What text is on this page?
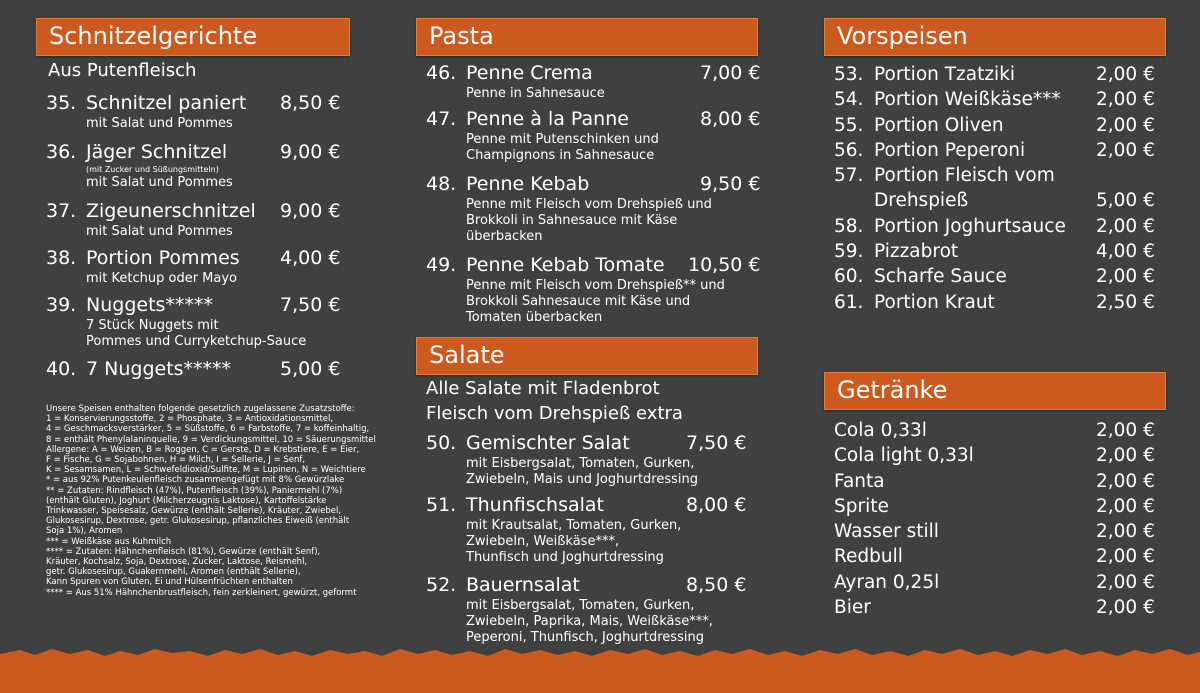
Schnitzelgerichte
Aus Putenfleisch
35. Schnitzel paniert 8,50 €
mit Salat und Pommes
36. Jäger Schnitzel	9,00 €
(mit Zucker und Süßungsmitteln)
mit Salat und Pommes
37. Zigeunerschnitzel 9,00 €
mit Salat und Pommes
38. Portion Pommes 4,00 €
mit Ketchup oder Mayo
39. Nuggets*****	7,50 €
7 Stück Nuggets mit
Pommes und Curryketchup-Sauce
40. 7 Nuggets*****	5,00 €
Unsere Speisen enthalten folgende gesetzlich zugelassene Zusatzstoffe:
1 = Konservierungsstoffe, 2 = Phosphate, 3 = Antioxidationsmittel,
4 = Geschmacksverstärker, 5 = Süßstoffe, 6 = Farbstoffe, 7 = koffeinhaltig,
8 = enthält Phenylalaninquelle, 9 = Verdickungsmittel, 10 = Säuerungsmittel
Allergene: A = Weizen, B = Roggen, C = Gerste, D = Krebstiere, E = Eier,
F = Fische, G = Sojabohnen, H = Milch, I = Sellerie, J = Senf,
K = Sesamsamen, L = Schwefeldioxid/Sulfite, M = Lupinen, N = Weichtiere
* = aus 92% Putenkeulenfleisch zusammengefügt mit 8% Gewürzlake
** = Zutaten: Rindfleisch (47%), Putenfleisch (39%), Paniermehl (7%)
(enthält Gluten), Joghurt (Milcherzeugnis Laktose), Kartoffelstärke
Trinkwasser, Speisesalz, Gewürze (enthält Sellerie), Kräuter, Zwiebel,
Glukosesirup, Dextrose, getr. Glukosesirup, pflanzliches Eiweiß (enthält
Soja 1%), Aromen
*** = Weißkäse aus Kuhmilch
**** = Zutaten: Hähnchenfleisch (81%), Gewürze (enthält Senf),
Kräuter, Kochsalz, Soja, Dextrose, Zucker, Laktose, Reismehl,
getr. Glukosesirup, Guakernmehl, Aromen (enthält Sellerie),
Kann Spuren von Gluten, Ei und Hülsenfrüchten enthalten
**** = Aus 51% Hähnchenbrustfleisch, fein zerkleinert, gewürzt, geformt
Pasta
46. Penne Crema	7,00 €
Penne in Sahnesauce
47. Penne à la Panne	8,00 €
Penne mit Putenschinken und
Champignons in Sahnesauce
48. Penne Kebab	9,50 €
Penne mit Fleisch vom Drehspieß und
Brokkoli in Sahnesauce mit Käse
überbacken
49. Penne Kebab Tomate 10,50 €
Penne mit Fleisch vom Drehspieß** und
Brokkoli Sahnesauce mit Käse und
Tomaten überbacken
Salate
Alle Salate mit Fladenbrot
Fleisch vom Drehspieß extra
50. Gemischter Salat	7,50 €
mit Eisbergsalat, Tomaten, Gurken,
Zwiebeln, Mais und Joghurtdressing
51. Thunfischsalat	8,00 €
mit Krautsalat, Tomaten, Gurken,
Zwiebeln, Weißkäse***,
Thunfisch und Joghurtdressing
52. Bauernsalat	8,50 €
mit Eisbergsalat, Tomaten, Gurken,
Zwiebeln, Paprika, Mais, Weißkäse***,
Peperoni, Thunfisch, Joghurtdressing
Vorspeisen
53. Portion Tzatziki	2,00 €
54. Portion Weißkäse*** 2,00 €
55. Portion Oliven	2,00 €
56. Portion Peperoni	2,00 €
57. Portion Fleisch vom
Drehspieß	5,00 €
58. Portion Joghurtsauce 2,00 €
59. Pizzabrot	4,00 €
60. Scharfe Sauce	2,00 €
61. Portion Kraut	2,50 €
Getränke
Cola 0,33l	2,00 €
Cola light 0,33l	2,00 €
Fanta	2,00 €
Sprite	2,00 €
Wasser still	2,00 €
Redbull	2,00 €
Ayran 0,25l	2,00 €
Bier	2,00 €
